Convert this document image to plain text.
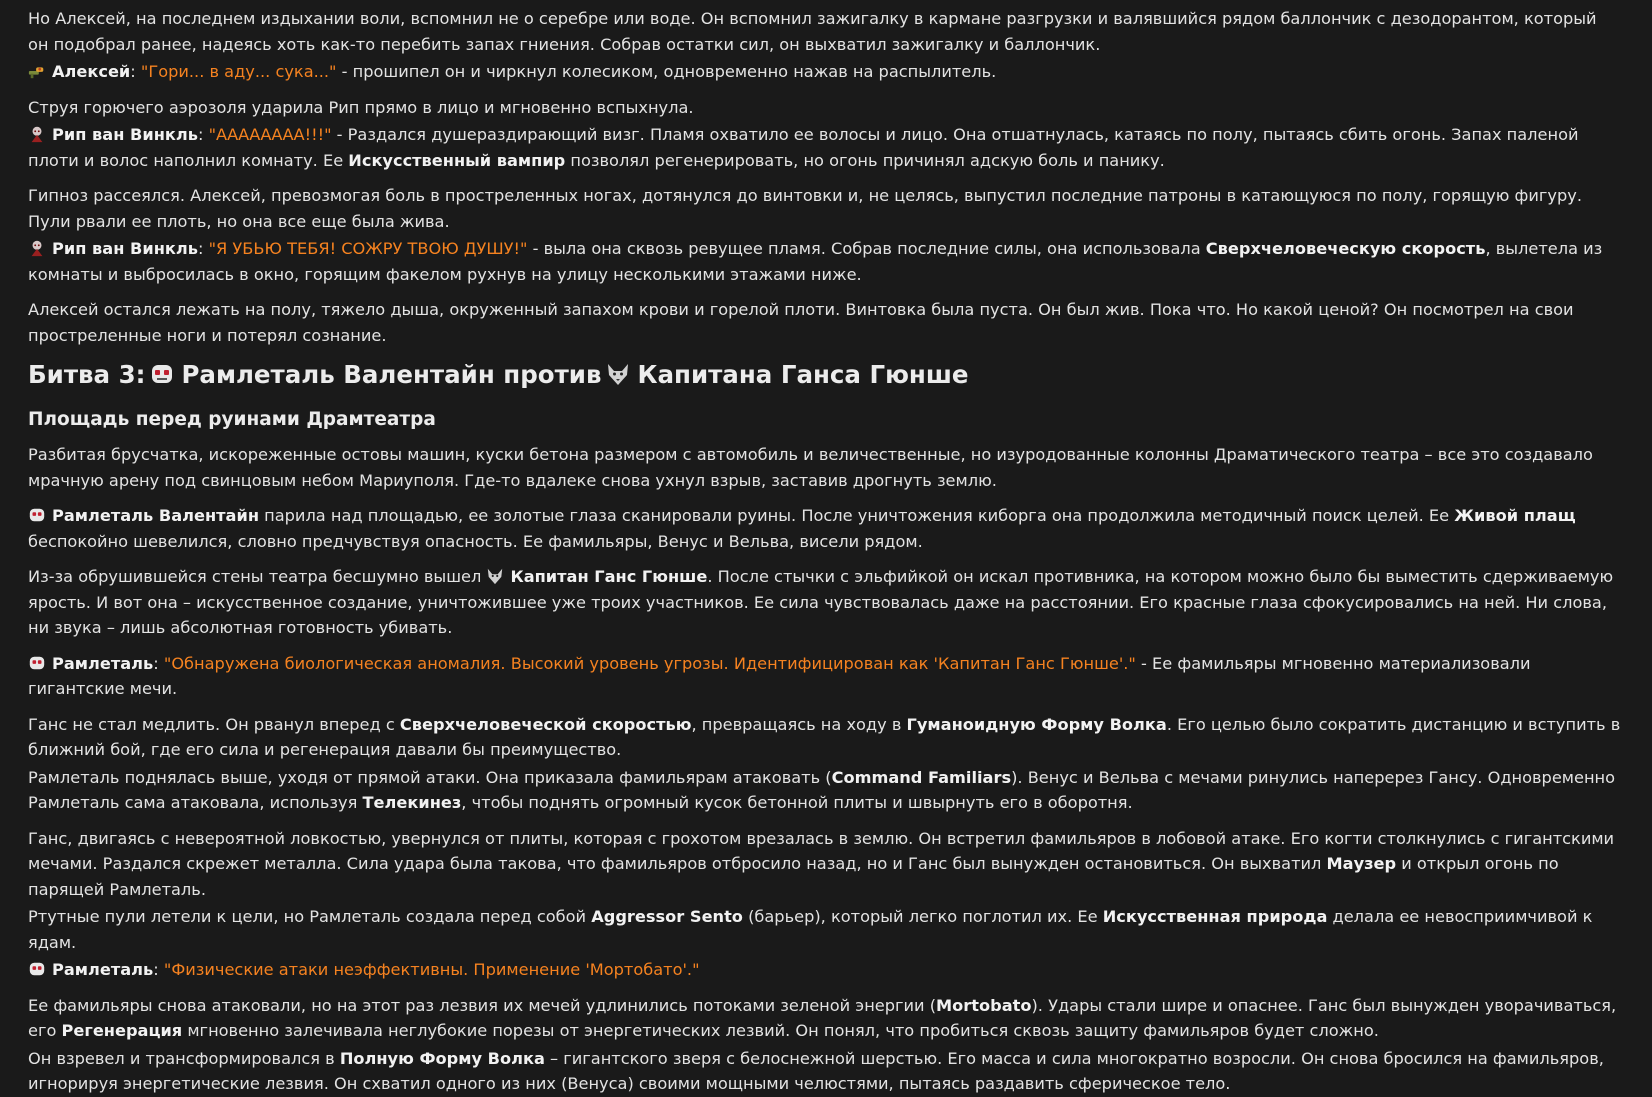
Но Алексей, на последнем издыхании воли, вспомнил не о серебре или воде. Он вспомнил зажигалку в кармане разгрузки и валявшийся рядом баллончик с дезодорантом, который он подобрал ранее, надеясь хоть как-то перебить запах гниения. Собрав остатки сил, он выхватил зажигалку и баллончик.

Алексей: "Гори... в аду... сука..." - прошипел он и чиркнул колесиком, одновременно нажав на распылитель.

Струя горючего аэрозоля ударила Рип прямо в лицо и мгновенно вспыхнула.

Рип ван Винкль: "АААААААА!!!" - Раздался душераздирающий визг. Пламя охватило ее волосы и лицо. Она отшатнулась, катаясь по полу, пытаясь сбить огонь. Запах паленой плоти и волос наполнил комнату. Ее Искусственный вампир позволял регенерировать, но огонь причинял адскую боль и панику.

Гипноз рассеялся. Алексей, превозмогая боль в простреленных ногах, дотянулся до винтовки и, не целясь, выпустил последние патроны в катающуюся по полу, горящую фигуру. Пули рвали ее плоть, но она все еще была жива.

Рип ван Винкль: "Я УБЬЮ ТЕБЯ! СОЖРУ ТВОЮ ДУШУ!" - выла она сквозь ревущее пламя. Собрав последние силы, она использовала Сверхчеловеческую скорость, вылетела из комнаты и выбросилась в окно, горящим факелом рухнув на улицу несколькими этажами ниже.

Алексей остался лежать на полу, тяжело дыша, окруженный запахом крови и горелой плоти. Винтовка была пуста. Он был жив. Пока что. Но какой ценой? Он посмотрел на свои простреленные ноги и потерял сознание.

Битва 3: Рамлеталь Валентайн против Капитана Ганса Гюнше
Площадь перед руинами Драмтеатра

Разбитая брусчатка, искореженные остовы машин, куски бетона размером с автомобиль и величественные, но изуродованные колонны Драматического театра – все это создавало мрачную арену под свинцовым небом Мариуполя. Где-то вдалеке снова ухнул взрыв, заставив дрогнуть землю.

Рамлеталь Валентайн парила над площадью, ее золотые глаза сканировали руины. После уничтожения киборга она продолжила методичный поиск целей. Ее Живой плащ беспокойно шевелился, словно предчувствуя опасность. Ее фамильяры, Венус и Вельва, висели рядом.

Из-за обрушившейся стены театра бесшумно вышел Капитан Ганс Гюнше. После стычки с эльфийкой он искал противника, на котором можно было бы выместить сдерживаемую ярость. И вот она – искусственное создание, уничтожившее уже троих участников. Ее сила чувствовалась даже на расстоянии. Его красные глаза сфокусировались на ней. Ни слова, ни звука – лишь абсолютная готовность убивать.

Рамлеталь: "Обнаружена биологическая аномалия. Высокий уровень угрозы. Идентифицирован как 'Капитан Ганс Гюнше'." - Ее фамильяры мгновенно материализовали гигантские мечи.

Ганс не стал медлить. Он рванул вперед с Сверхчеловеческой скоростью, превращаясь на ходу в Гуманоидную Форму Волка. Его целью было сократить дистанцию и вступить в ближний бой, где его сила и регенерация давали бы преимущество.

Рамлеталь поднялась выше, уходя от прямой атаки. Она приказала фамильярам атаковать (Command Familiars). Венус и Вельва с мечами ринулись наперерез Гансу. Одновременно Рамлеталь сама атаковала, используя Телекинез, чтобы поднять огромный кусок бетонной плиты и швырнуть его в оборотня.

Ганс, двигаясь с невероятной ловкостью, увернулся от плиты, которая с грохотом врезалась в землю. Он встретил фамильяров в лобовой атаке. Его когти столкнулись с гигантскими мечами. Раздался скрежет металла. Сила удара была такова, что фамильяров отбросило назад, но и Ганс был вынужден остановиться. Он выхватил Маузер и открыл огонь по парящей Рамлеталь.

Ртутные пули летели к цели, но Рамлеталь создала перед собой Aggressor Sento (барьер), который легко поглотил их. Ее Искусственная природа делала ее невосприимчивой к ядам.

Рамлеталь: "Физические атаки неэффективны. Применение 'Мортобато'."

Ее фамильяры снова атаковали, но на этот раз лезвия их мечей удлинились потоками зеленой энергии (Mortobato). Удары стали шире и опаснее. Ганс был вынужден уворачиваться, его Регенерация мгновенно залечивала неглубокие порезы от энергетических лезвий. Он понял, что пробиться сквозь защиту фамильяров будет сложно.

Он взревел и трансформировался в Полную Форму Волка – гигантского зверя с белоснежной шерстью. Его масса и сила многократно возросли. Он снова бросился на фамильяров, игнорируя энергетические лезвия. Он схватил одного из них (Венуса) своими мощными челюстями, пытаясь раздавить сферическое тело.
